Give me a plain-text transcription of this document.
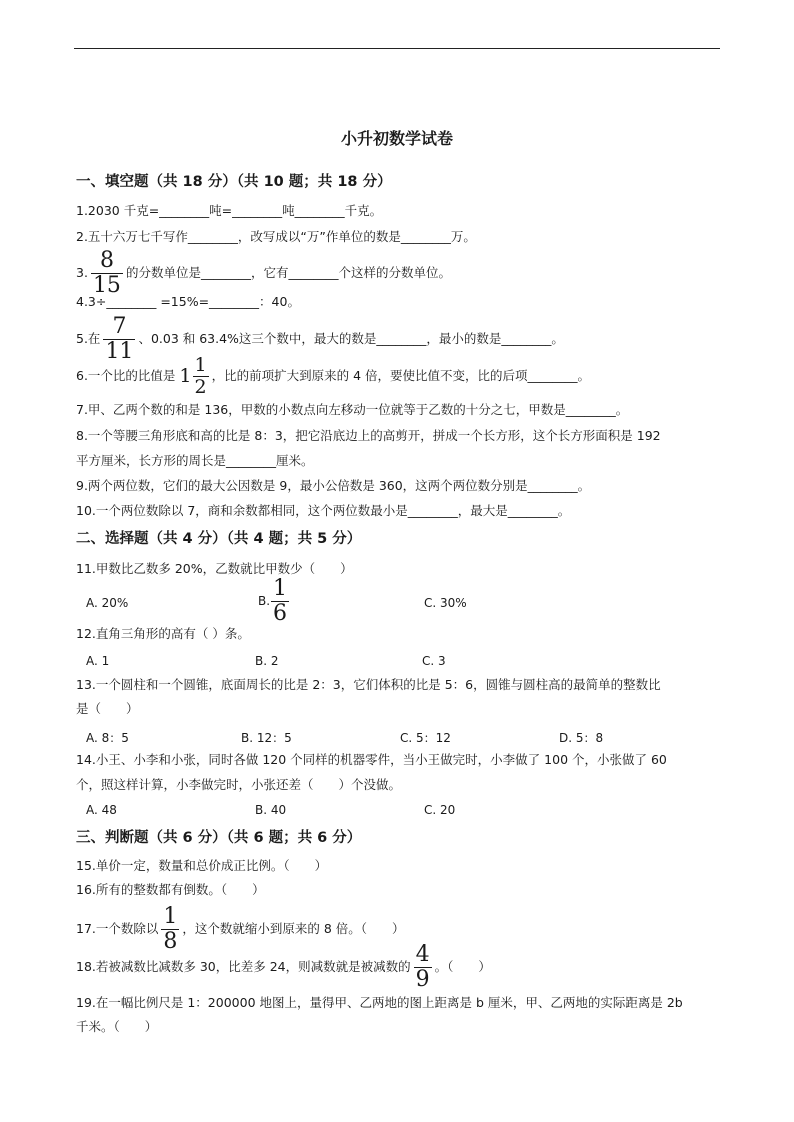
小升初数学试卷
一、填空题（共 18 分）（共 10 题；共 18 分）
1.2030 千克=________吨=________吨________千克。
2.五十六万七千写作________，改写成以“万”作单位的数是________万。
3. $\frac{8}{15}$ 的分数单位是________，它有________个这样的分数单位。
4.3÷________ =15%=________：40。
5.在 $\frac{7}{11}$ 、0.03 和 63.4%这三个数中，最大的数是________，最小的数是________。
6.一个比的比值是 $1 \frac{1}{2}$ ，比的前项扩大到原来的 4 倍，要使比值不变，比的后项________。
7.甲、乙两个数的和是 136，甲数的小数点向左移动一位就等于乙数的十分之七，甲数是________。
8.一个等腰三角形底和高的比是 8：3，把它沿底边上的高剪开，拼成一个长方形，这个长方形面积是 192
平方厘米，长方形的周长是________厘米。
9.两个两位数，它们的最大公因数是 9，最小公倍数是 360，这两个两位数分别是________。
10.一个两位数除以 7，商和余数都相同，这个两位数最小是________，最大是________。
二、选择题（共 4 分）（共 4 题；共 5 分）
11.甲数比乙数多 20%，乙数就比甲数少（　　）
A. 20%	B. $\frac{1}{6}$	C. 30%
12.直角三角形的高有（ ）条。
A. 1	B. 2	C. 3
13.一个圆柱和一个圆锥，底面周长的比是 2：3，它们体积的比是 5：6，圆锥与圆柱高的最简单的整数比
是（　　）
A. 8：5	B. 12：5	C. 5：12	D. 5：8
14.小王、小李和小张，同时各做 120 个同样的机器零件，当小王做完时，小李做了 100 个，小张做了 60
个，照这样计算，小李做完时，小张还差（　　）个没做。
A. 48	B. 40	C. 20
三、判断题（共 6 分）（共 6 题；共 6 分）
15.单价一定，数量和总价成正比例。（　　）
16.所有的整数都有倒数。（　　）
17.一个数除以 $\frac{1}{8}$ ，这个数就缩小到原来的 8 倍。（　　）
18.若被减数比减数多 30，比差多 24，则减数就是被减数的 $\frac{4}{9}$ 。（　　）
19.在一幅比例尺是 1：200000 地图上，量得甲、乙两地的图上距离是 b 厘米，甲、乙两地的实际距离是 2b
千米。（　　）
